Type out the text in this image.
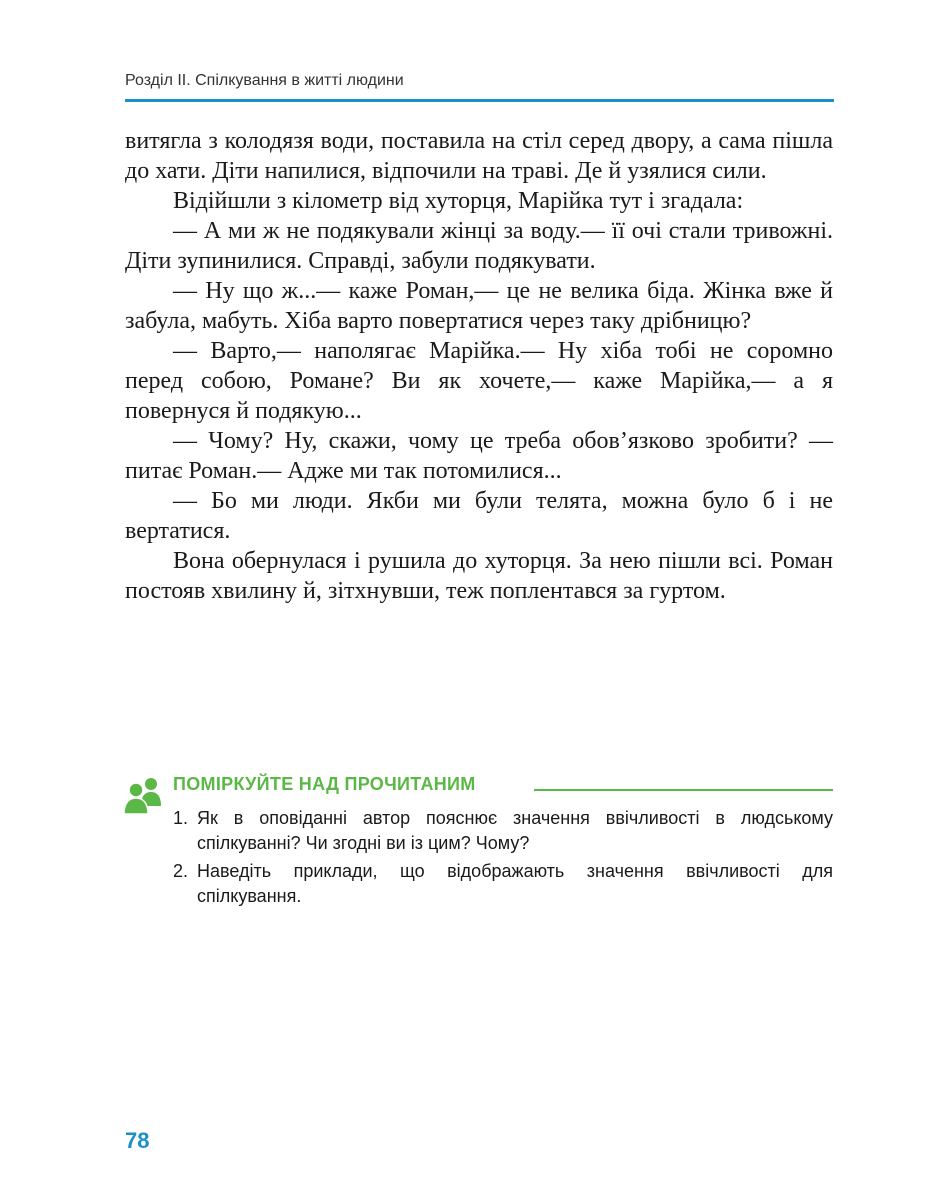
Розділ ІІ. Спілкування в житті людини

витягла з колодязя води, поставила на стіл серед двору, а сама пішла до хати. Діти напилися, відпочили на траві. Де й узялися сили.

Відійшли з кілометр від хуторця, Марійка тут і згадала:

— А ми ж не подякували жінці за воду.— її очі стали тривожні. Діти зупинилися. Справді, забули подякувати.

— Ну що ж...— каже Роман,— це не велика біда. Жінка вже й забула, мабуть. Хіба варто повертатися через таку дрібницю?

— Варто,— наполягає Марійка.— Ну хіба тобі не соромно перед собою, Романе? Ви як хочете,— каже Марійка,— а я повернуся й подякую...

— Чому? Ну, скажи, чому це треба обов’язково зробити? — питає Роман.— Адже ми так потомилися...

— Бо ми люди. Якби ми були телята, можна було б і не вертатися.

Вона обернулася і рушила до хуторця. За нею пішли всі. Роман постояв хвилину й, зітхнувши, теж поплентався за гуртом.

ПОМІРКУЙТЕ НАД ПРОЧИТАНИМ
1. Як в оповіданні автор пояснює значення ввічливості в людському спілкуванні? Чи згодні ви із цим? Чому?
2. Наведіть приклади, що відображають значення ввічливості для спілкування.
78
